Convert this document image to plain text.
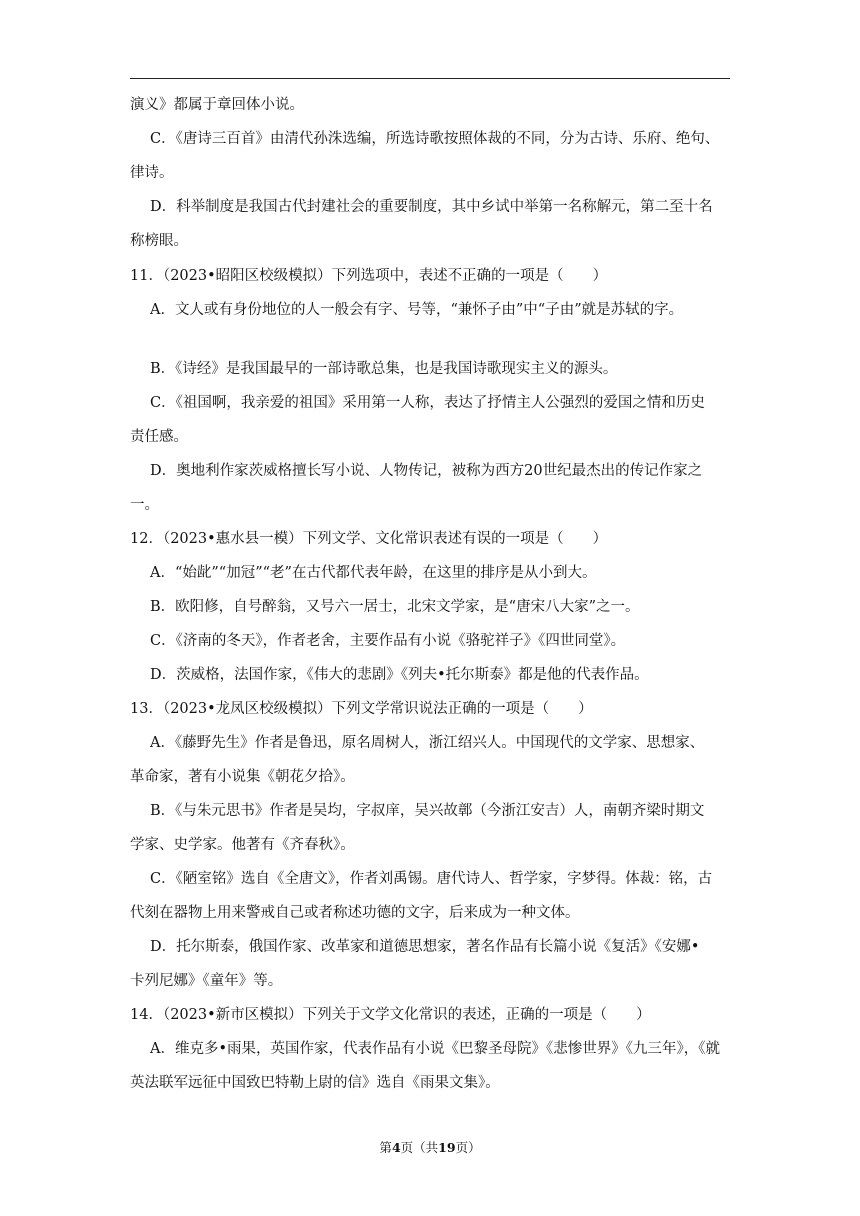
演义》都属于章回体小说。

C．《唐诗三百首》由清代孙洙选编，所选诗歌按照体裁的不同，分为古诗、乐府、绝句、

律诗。

D．科举制度是我国古代封建社会的重要制度，其中乡试中举第一名称解元，第二至十名

称榜眼。

11．（2023•昭阳区校级模拟）下列选项中，表述不正确的一项是（　　）

A．文人或有身份地位的人一般会有字、号等，“兼怀子由”中“子由”就是苏轼的字。

B．《诗经》是我国最早的一部诗歌总集，也是我国诗歌现实主义的源头。

C．《祖国啊，我亲爱的祖国》采用第一人称，表达了抒情主人公强烈的爱国之情和历史

责任感。

D．奥地利作家茨威格擅长写小说、人物传记，被称为西方20世纪最杰出的传记作家之

一。

12．（2023•惠水县一模）下列文学、文化常识表述有误的一项是（　　）

A．“始龀”“加冠”“老”在古代都代表年龄，在这里的排序是从小到大。

B．欧阳修，自号醉翁，又号六一居士，北宋文学家，是“唐宋八大家”之一。

C．《济南的冬天》，作者老舍，主要作品有小说《骆驼祥子》《四世同堂》。

D．茨威格，法国作家，《伟大的悲剧》《列夫•托尔斯泰》都是他的代表作品。

13．（2023•龙凤区校级模拟）下列文学常识说法正确的一项是（　　）

A．《藤野先生》作者是鲁迅，原名周树人，浙江绍兴人。中国现代的文学家、思想家、

革命家，著有小说集《朝花夕拾》。

B．《与朱元思书》作者是吴均，字叔庠，吴兴故鄣（今浙江安吉）人，南朝齐梁时期文

学家、史学家。他著有《齐春秋》。

C．《陋室铭》选自《全唐文》，作者刘禹锡。唐代诗人、哲学家，字梦得。体裁：铭，古

代刻在器物上用来警戒自己或者称述功德的文字，后来成为一种文体。

D．托尔斯泰，俄国作家、改革家和道德思想家，著名作品有长篇小说《复活》《安娜•

卡列尼娜》《童年》等。

14．（2023•新市区模拟）下列关于文学文化常识的表述，正确的一项是（　　）

A．维克多•雨果，英国作家，代表作品有小说《巴黎圣母院》《悲惨世界》《九三年》，《就

英法联军远征中国致巴特勒上尉的信》选自《雨果文集》。

第4页（共19页）
